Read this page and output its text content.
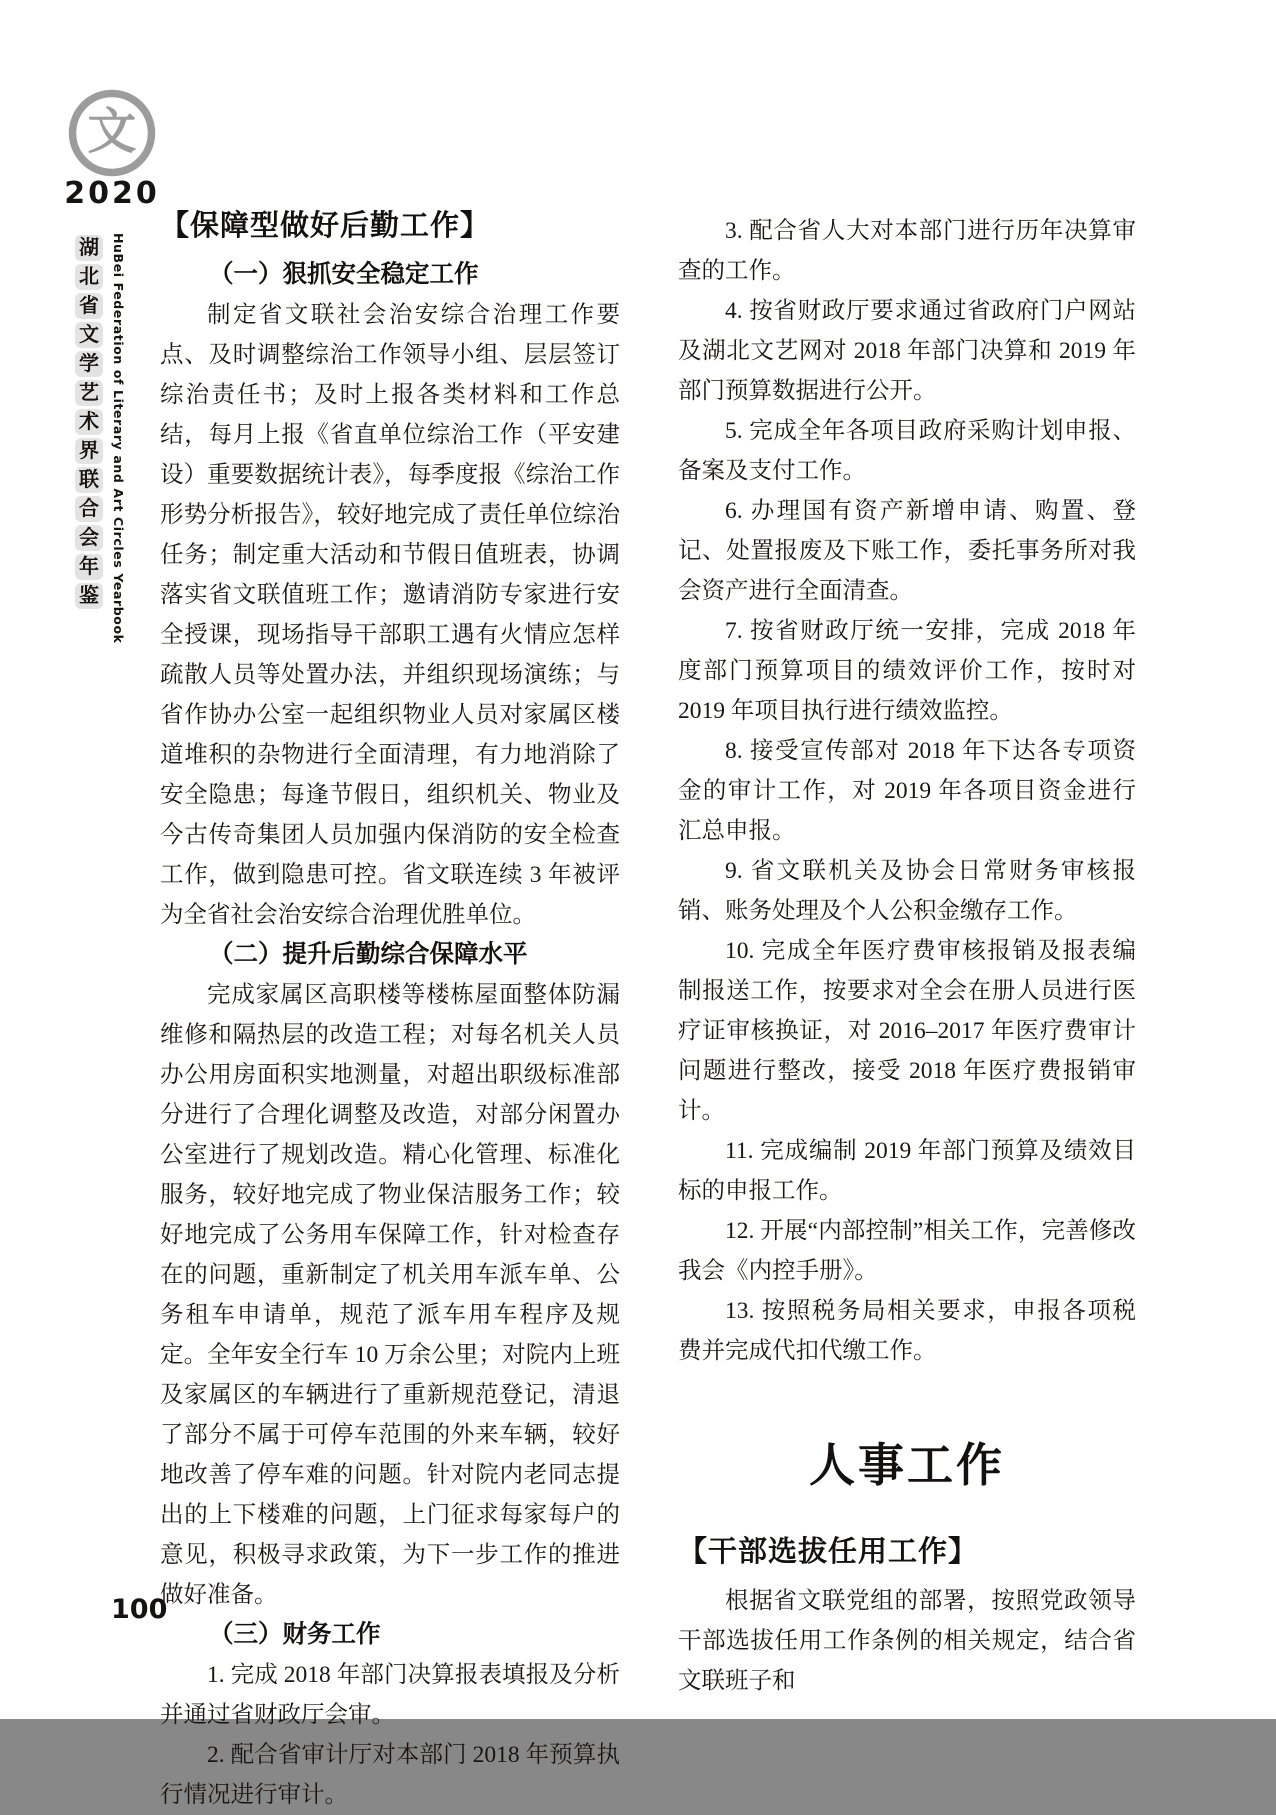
文
2020
湖
北
省
文
学
艺
术
界
联
合
会
年
鉴 HuBei Federation of Literary and Art Circles Yearbook
【保障型做好后勤工作】

（一）狠抓安全稳定工作

制定省文联社会治安综合治理工作要点、及时调整综治工作领导小组、层层签订综治责任书；及时上报各类材料和工作总结，每月上报《省直单位综治工作（平安建设）重要数据统计表》，每季度报《综治工作形势分析报告》，较好地完成了责任单位综治任务；制定重大活动和节假日值班表，协调落实省文联值班工作；邀请消防专家进行安全授课，现场指导干部职工遇有火情应怎样疏散人员等处置办法，并组织现场演练；与省作协办公室一起组织物业人员对家属区楼道堆积的杂物进行全面清理，有力地消除了安全隐患；每逢节假日，组织机关、物业及今古传奇集团人员加强内保消防的安全检查工作，做到隐患可控。省文联连续 3 年被评为全省社会治安综合治理优胜单位。

（二）提升后勤综合保障水平

完成家属区高职楼等楼栋屋面整体防漏维修和隔热层的改造工程；对每名机关人员办公用房面积实地测量，对超出职级标准部分进行了合理化调整及改造，对部分闲置办公室进行了规划改造。精心化管理、标准化服务，较好地完成了物业保洁服务工作；较好地完成了公务用车保障工作，针对检查存在的问题，重新制定了机关用车派车单、公务租车申请单，规范了派车用车程序及规定。全年安全行车 10 万余公里；对院内上班及家属区的车辆进行了重新规范登记，清退了部分不属于可停车范围的外来车辆，较好地改善了停车难的问题。针对院内老同志提出的上下楼难的问题，上门征求每家每户的意见，积极寻求政策，为下一步工作的推进做好准备。

（三）财务工作

1. 完成 2018 年部门决算报表填报及分析并通过省财政厅会审。

2. 配合省审计厅对本部门 2018 年预算执行情况进行审计。

3. 配合省人大对本部门进行历年决算审查的工作。

4. 按省财政厅要求通过省政府门户网站及湖北文艺网对 2018 年部门决算和 2019 年部门预算数据进行公开。

5. 完成全年各项目政府采购计划申报、备案及支付工作。

6. 办理国有资产新增申请、购置、登记、处置报废及下账工作，委托事务所对我会资产进行全面清查。

7. 按省财政厅统一安排，完成 2018 年度部门预算项目的绩效评价工作，按时对 2019 年项目执行进行绩效监控。

8. 接受宣传部对 2018 年下达各专项资金的审计工作，对 2019 年各项目资金进行汇总申报。

9. 省文联机关及协会日常财务审核报销、账务处理及个人公积金缴存工作。

10. 完成全年医疗费审核报销及报表编制报送工作，按要求对全会在册人员进行医疗证审核换证，对 2016–2017 年医疗费审计问题进行整改，接受 2018 年医疗费报销审计。

11. 完成编制 2019 年部门预算及绩效目标的申报工作。

12. 开展“内部控制”相关工作，完善修改我会《内控手册》。

13. 按照税务局相关要求，申报各项税费并完成代扣代缴工作。

人事工作
【干部选拔任用工作】

根据省文联党组的部署，按照党政领导干部选拔任用工作条例的相关规定，结合省文联班子和

100
